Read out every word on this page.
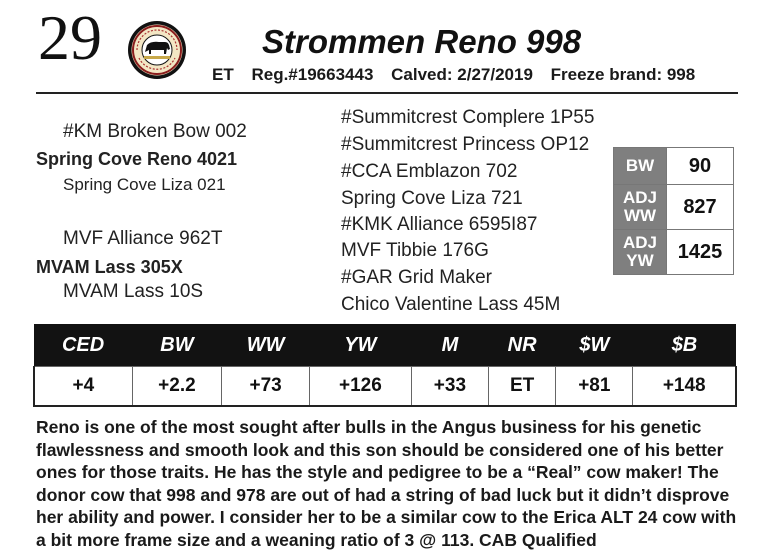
29	Strommen Reno 998
ET Reg.#19663443 Calved: 2/27/2019 Freeze brand: 998
#KM Broken Bow 002
Spring Cove Reno 4021
Spring Cove Liza 021
MVF Alliance 962T
MVAM Lass 305X
MVAM Lass 10S
#Summitcrest Complere 1P55
#Summitcrest Princess OP12
#CCA Emblazon 702
Spring Cove Liza 721
#KMK Alliance 6595I87
MVF Tibbie 176G
#GAR Grid Maker
Chico Valentine Lass 45M
BW	90
ADJ
WW	827
ADJ
YW	1425
CED	BW	WW	YW	M	NR	$W	$B
+4	+2.2	+73	+126	+33	ET	+81	+148
Reno is one of the most sought after bulls in the Angus business for his genetic flawlessness and smooth look and this son should be considered one of his better ones for those traits. He has the style and pedigree to be a “Real” cow maker! The donor cow that 998 and 978 are out of had a string of bad luck but it didn’t disprove her ability and power. I consider her to be a similar cow to the Erica ALT 24 cow with a bit more frame size and a weaning ratio of 3 @ 113. CAB Qualified
